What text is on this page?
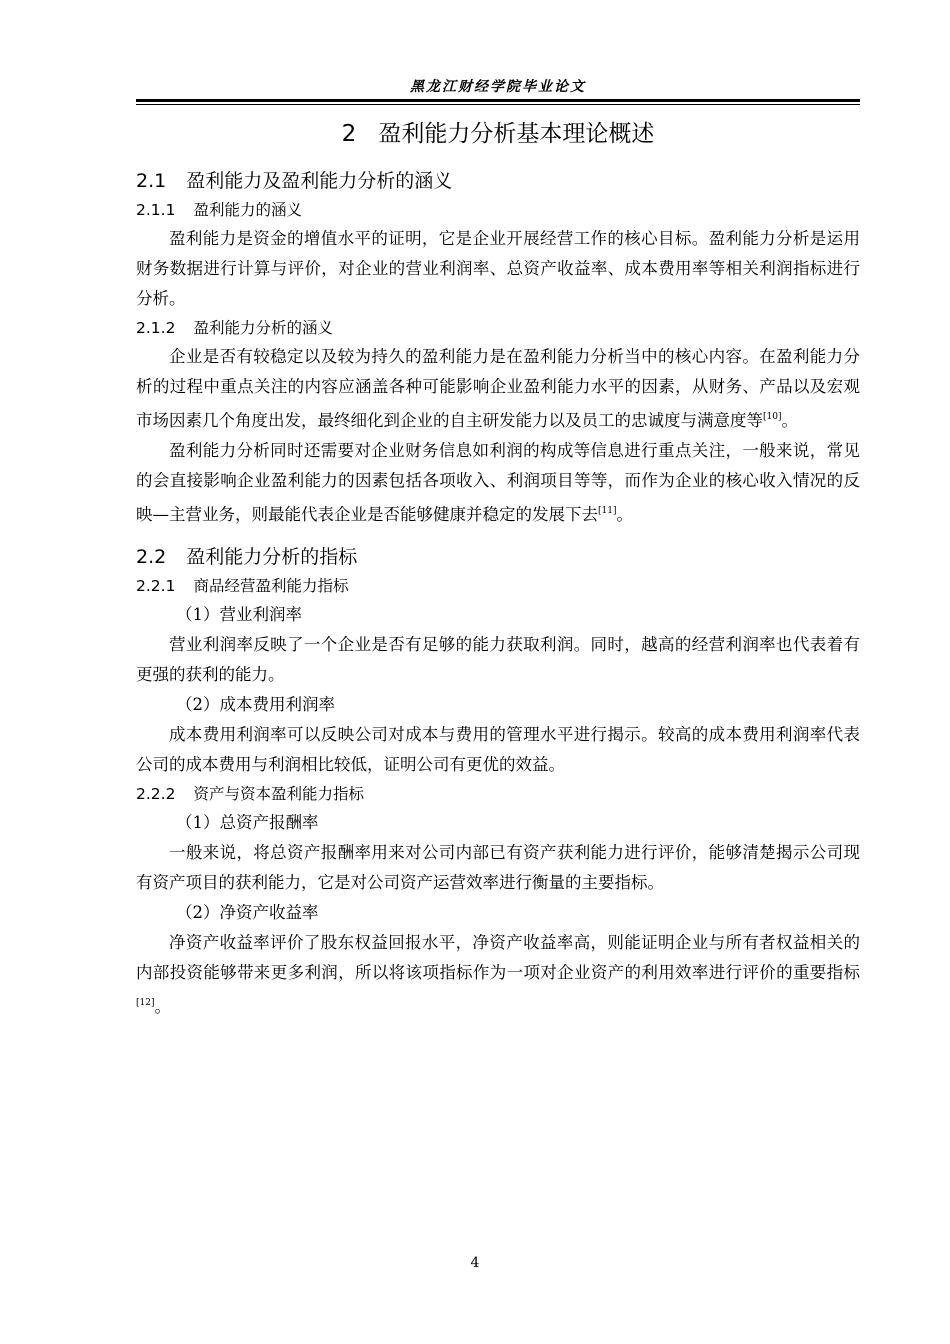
黑龙江财经学院毕业论文
2 盈利能力分析基本理论概述
2.1 盈利能力及盈利能力分析的涵义
2.1.1 盈利能力的涵义

盈利能力是资金的增值水平的证明，它是企业开展经营工作的核心目标。盈利能力分析是运用财务数据进行计算与评价，对企业的营业利润率、总资产收益率、成本费用率等相关利润指标进行分析。

2.1.2 盈利能力分析的涵义

企业是否有较稳定以及较为持久的盈利能力是在盈利能力分析当中的核心内容。在盈利能力分析的过程中重点关注的内容应涵盖各种可能影响企业盈利能力水平的因素，从财务、产品以及宏观市场因素几个角度出发，最终细化到企业的自主研发能力以及员工的忠诚度与满意度等[10]。

盈利能力分析同时还需要对企业财务信息如利润的构成等信息进行重点关注，一般来说，常见的会直接影响企业盈利能力的因素包括各项收入、利润项目等等，而作为企业的核心收入情况的反映—主营业务，则最能代表企业是否能够健康并稳定的发展下去[11]。

2.2 盈利能力分析的指标
2.2.1 商品经营盈利能力指标

（1）营业利润率

营业利润率反映了一个企业是否有足够的能力获取利润。同时，越高的经营利润率也代表着有更强的获利的能力。

（2）成本费用利润率

成本费用利润率可以反映公司对成本与费用的管理水平进行揭示。较高的成本费用利润率代表公司的成本费用与利润相比较低，证明公司有更优的效益。

2.2.2 资产与资本盈利能力指标

（1）总资产报酬率

一般来说，将总资产报酬率用来对公司内部已有资产获利能力进行评价，能够清楚揭示公司现有资产项目的获利能力，它是对公司资产运营效率进行衡量的主要指标。

（2）净资产收益率

净资产收益率评价了股东权益回报水平，净资产收益率高，则能证明企业与所有者权益相关的内部投资能够带来更多利润，所以将该项指标作为一项对企业资产的利用效率进行评价的重要指标[12]。

4
